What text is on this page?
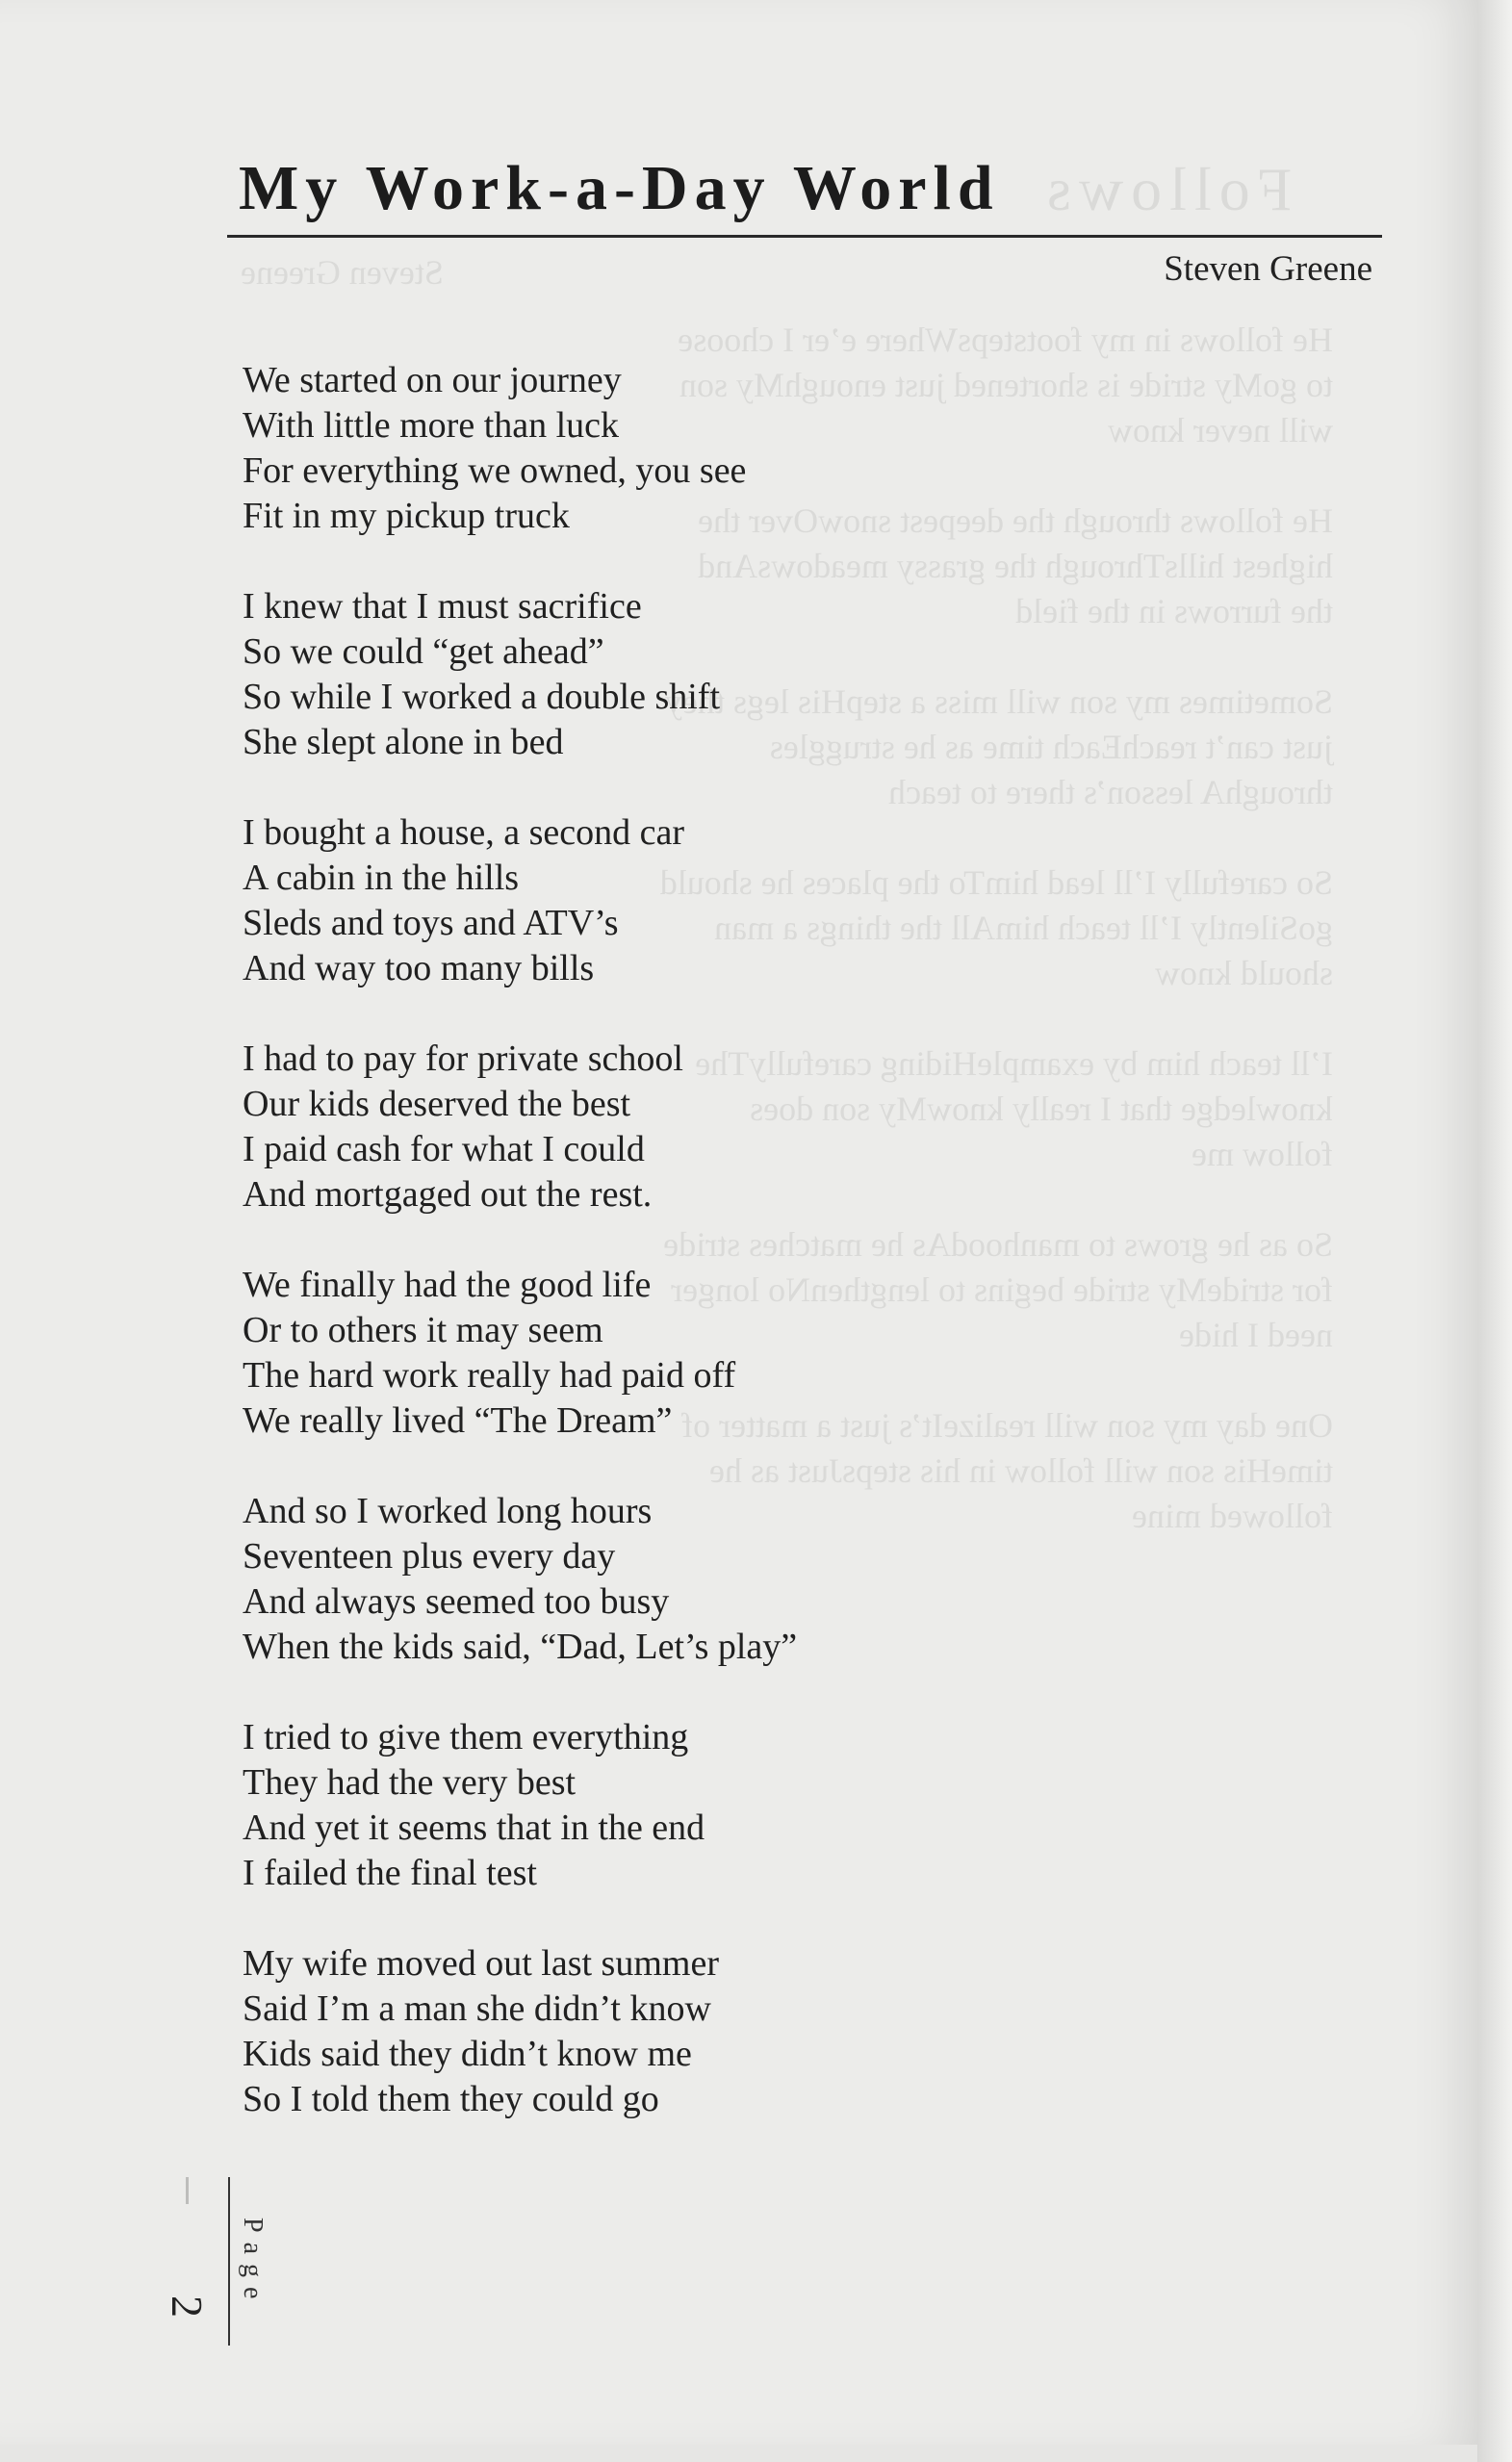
My Work-a-Day World
Steven Greene
We started on our journey
With little more than luck
For everything we owned, you see
Fit in my pickup truck
I knew that I must sacrifice
So we could “get ahead”
So while I worked a double shift
She slept alone in bed
I bought a house, a second car
A cabin in the hills
Sleds and toys and ATV’s
And way too many bills
I had to pay for private school
Our kids deserved the best
I paid cash for what I could
And mortgaged out the rest.
We finally had the good life
Or to others it may seem
The hard work really had paid off
We really lived “The Dream”
And so I worked long hours
Seventeen plus every day
And always seemed too busy
When the kids said, “Dad, Let’s play”
I tried to give them everything
They had the very best
And yet it seems that in the end
I failed the final test
My wife moved out last summer
Said I’m a man she didn’t know
Kids said they didn’t know me
So I told them they could go
Page
2
